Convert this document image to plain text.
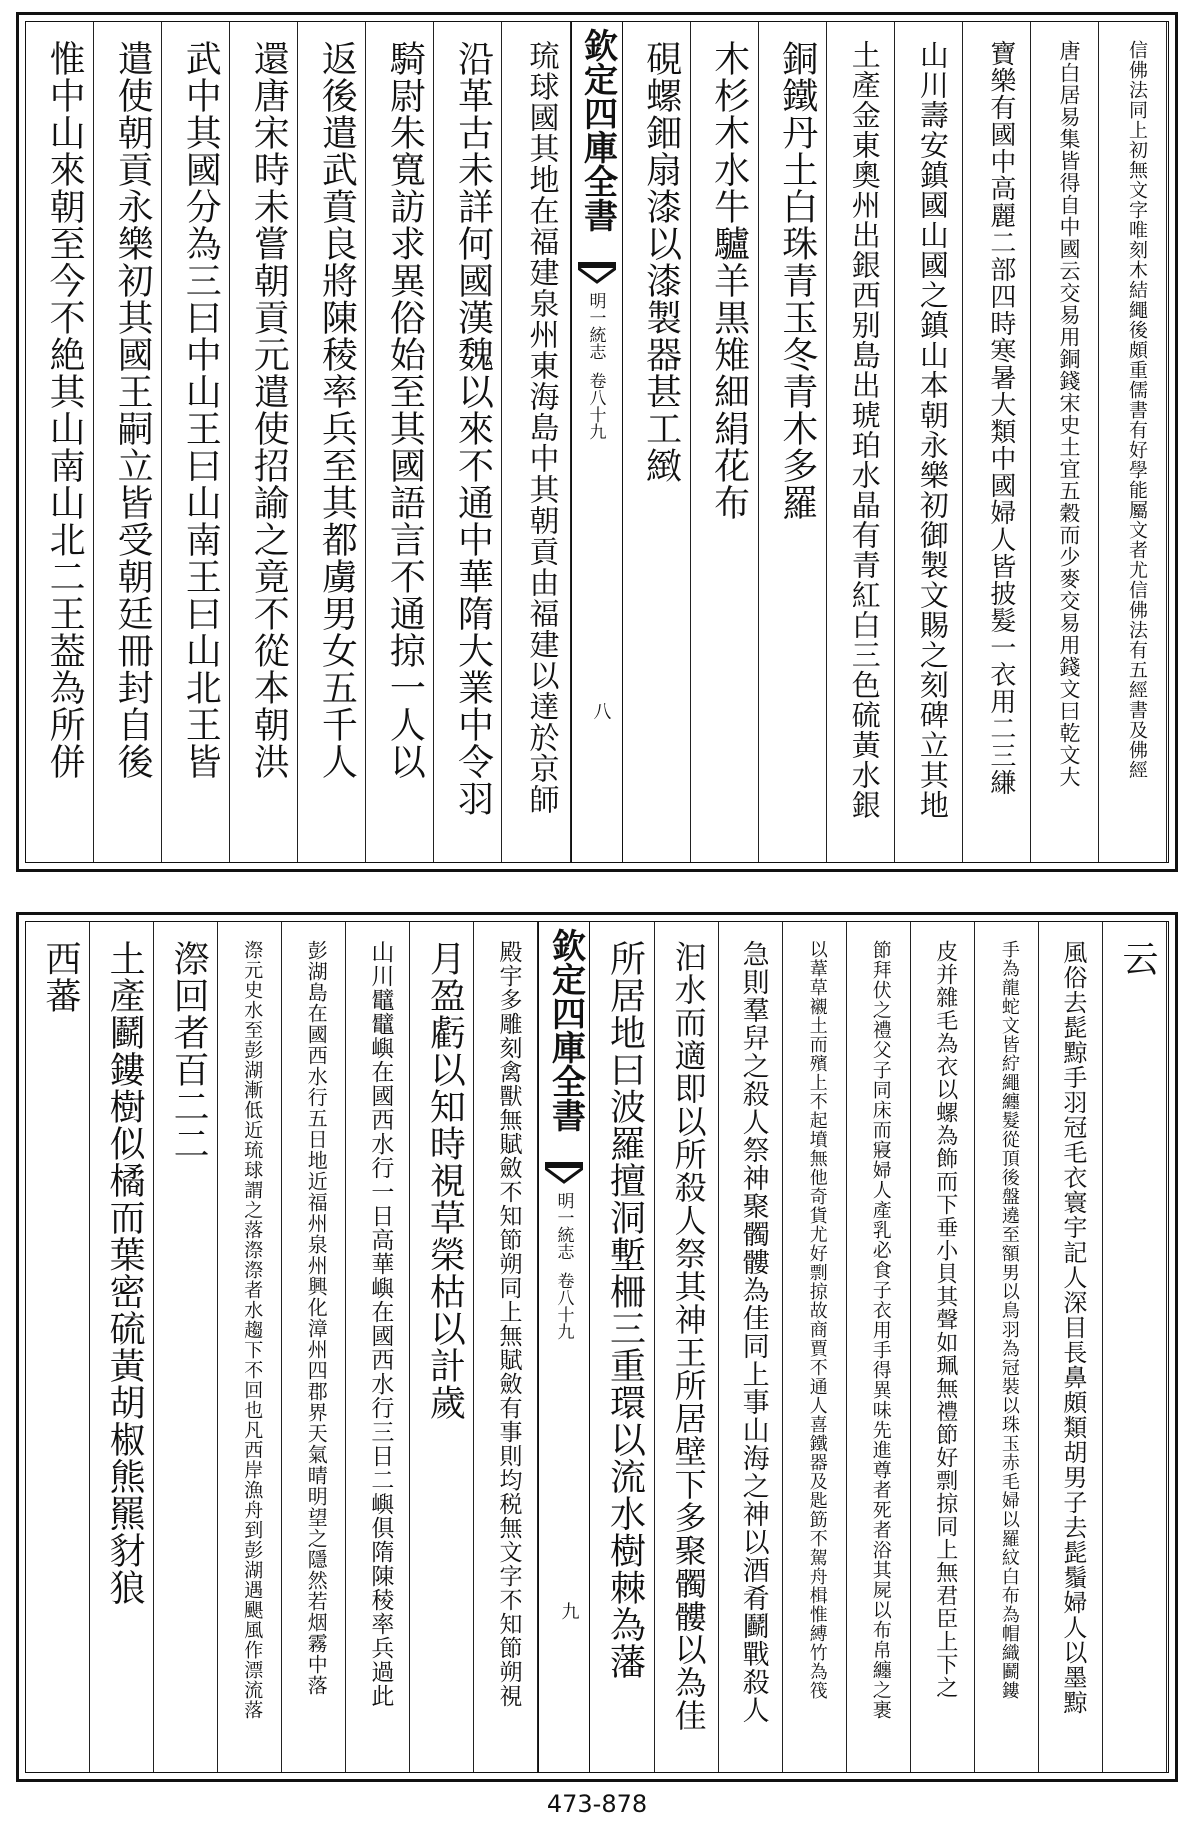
信佛法同上初無文字唯刻木結繩後頗重儒書有好學能屬文者尤信佛法有五經書及佛經
唐白居易集皆得自中國云交易用銅錢宋史土宜五穀而少麥交易用錢文曰乾文大
寶樂有國中高麗二部四時寒暑大類中國婦人皆披髮一衣用二三縑
山川壽安鎮國山國之鎮山本朝永樂初御製文賜之刻碑立其地
土產金東奧州出銀西别島出琥珀水晶有青紅白三色硫黃水銀
銅鐵丹土白珠青玉冬青木多羅
木杉木水牛驢羊黒雉細絹花布
硯螺鈿扇漆以漆製器甚工緻
欽定四庫全書
明一統志
卷八十九
八
琉球國其地在福建泉州東海島中其朝貢由福建以達於京師
沿革古未詳何國漢魏以來不通中華隋大業中令羽
騎尉朱寬訪求異俗始至其國語言不通掠一人以
返後遣武賁良將陳稜率兵至其都虜男女五千人
還唐宋時未嘗朝貢元遣使招諭之竟不從本朝洪
武中其國分為三曰中山王曰山南王曰山北王皆
遣使朝貢永樂初其國王嗣立皆受朝廷冊封自後
惟中山來朝至今不絶其山南山北二王葢為所併
云
風俗去髭黥手羽冠毛衣寰宇記人深目長鼻頗類胡男子去髭鬚婦人以墨黥
手為龍蛇文皆紵繩纏髮從頂後盤遶至額男以鳥羽為冠裝以珠玉赤毛婦以羅紋白布為帽織鬬鏤
皮并雜毛為衣以螺為飾而下垂小貝其聲如珮無禮節好剽掠同上無君臣上下之
節拜伏之禮父子同床而寢婦人產乳必食子衣用手得異味先進尊者死者浴其屍以布帛纏之裹
以葦草襯土而殯上不起墳無他奇貨尤好剽掠故商賈不通人喜鐵器及匙筯不駕舟楫惟縛竹為筏
急則羣舁之殺人祭神聚髑髏為佳同上事山海之神以酒肴鬬戰殺人
汩水而適即以所殺人祭其神王所居壁下多聚髑髏以為佳
所居地曰波羅擅洞塹柵三重環以流水樹棘為藩
欽定四庫全書
明一統志
卷八十九
九
殿宇多雕刻禽獸無賦斂不知節朔同上無賦斂有事則均税無文字不知節朔視
月盈虧以知時視草榮枯以計歲
山川鼊鼊嶼在國西水行一日高華嶼在國西水行三日二嶼俱隋陳稜率兵過此
彭湖島在國西水行五日地近福州泉州興化漳州四郡界天氣晴明望之隱然若烟霧中落
漈元史水至彭湖漸低近琉球謂之落漈漈者水趨下不回也凡西岸漁舟到彭湖遇颶風作漂流落
漈回者百二二
土產鬬鏤樹似橘而葉密硫黃胡椒熊羆豺狼
西蕃
473-878
